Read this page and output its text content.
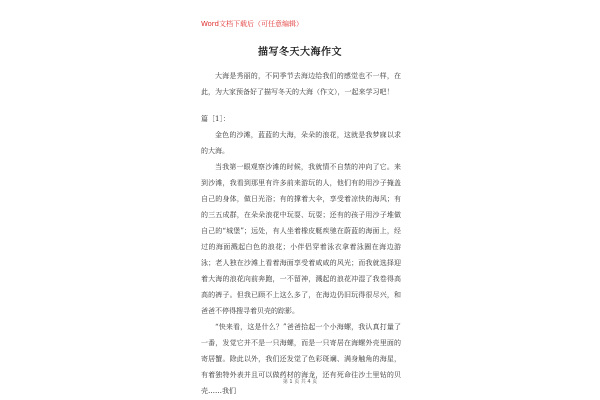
Word文档下载后（可任意编辑）
描写冬天大海作文

大海是秀丽的，不同季节去海边给我们的感觉也不一样，在此，为大家预备好了描写冬天的大海（作文），一起来学习吧！

篇［1］：

金色的沙滩，蓝蓝的大海，朵朵的浪花，这就是我梦寐以求的大海。

当我第一眼观察沙滩的时候，我就情不自禁的冲向了它。来到沙滩，我看到那里有许多前来游玩的人，他们有的用沙子掩盖自己的身体，做日光浴；有的撑着大伞，享受着凉快的海风；有的三五成群，在朵朵浪花中玩耍、玩耍；还有的孩子用沙子堆做自己的“城堡”；远处，有人坐着橡皮艇疾驰在蔚蓝的海面上，经过的海面溅起白色的浪花；小伴侣穿着泳衣拿着泳圈在海边游泳；老人独在沙滩上看着海面享受着咸咸的风光；而我就选择迎着大海的浪花向前奔跑，一不留神，溅起的浪花冲湿了我卷得高高的裤子。但我已顾不上这么多了，在海边仍旧玩得很尽兴，和爸爸不停得搜寻着贝壳的踪影。

“快来看，这是什么？”爸爸拾起一个小海螺，我认真打量了一番，发觉它并不是一只海螺，而是一只寄居在海螺外壳里面的寄居蟹。除此以外，我们还发觉了色彩斑斓、满身触角的海星，有着独特外表并且可以做药材的海龙，还有死命往沙土里钻的贝壳……我们

第 1 页 共 4 页
